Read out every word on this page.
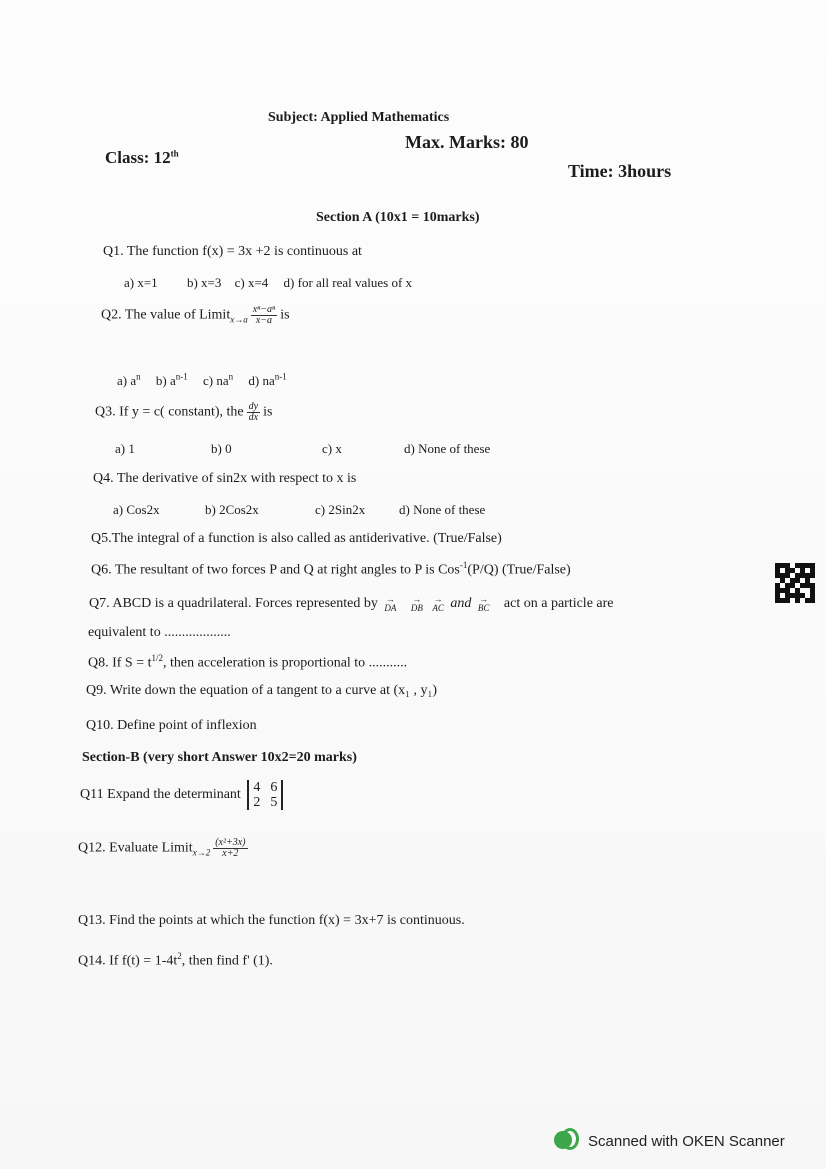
Subject: Applied Mathematics
Class: 12th
Max. Marks: 80
Time: 3hours
Section A (10x1 = 10marks)
Q1. The function f(x) = 3x +2 is continuous at
a) x=1 b) x=3 c) x=4 d) for all real values of x
Q2. The value of Limit$_{x\to a}$ $\frac{\text{xⁿ−aⁿ}}{x-a}$ is
a) $a^n$ b) $a^{n-1}$ c) $na^n$ d) $na^{n-1}$
Q3. If y = c( constant), the $\frac{dy}{dx}$ is
a) 1	b) 0	c) x	d) None of these
Q4. The derivative of sin2x with respect to x is
a) Cos2x	b) 2Cos2x	c) 2Sin2x	d) None of these
Q5.The integral of a function is also called as antiderivative. (True/False)
Q6. The resultant of two forces P and Q at right angles to P is Cos$^{-1}$(P/Q) (True/False)
Q7. ABCD is a quadrilateral. Forces represented by →
DA →
DB →
AC and →
BC act on a particle are
equivalent to ...................
Q8. If $S = t^{1/2}$, then acceleration is proportional to ...........
Q9. Write down the equation of a tangent to a curve at (x₁ , y₁)
Q10. Define point of inflexion
Section-B (very short Answer 10x2=20 marks)
Q11 Expand the determinant 4 6
2 5
Q12. Evaluate Limit$_{x\to 2}$ $\frac{\text{(x²+3x)}}{x+2}$
Q13. Find the points at which the function f(x) = 3x+7 is continuous.
Q14. If $f(t) = 1-4t^2$, then find f' (1).
Scanned with OKEN Scanner
